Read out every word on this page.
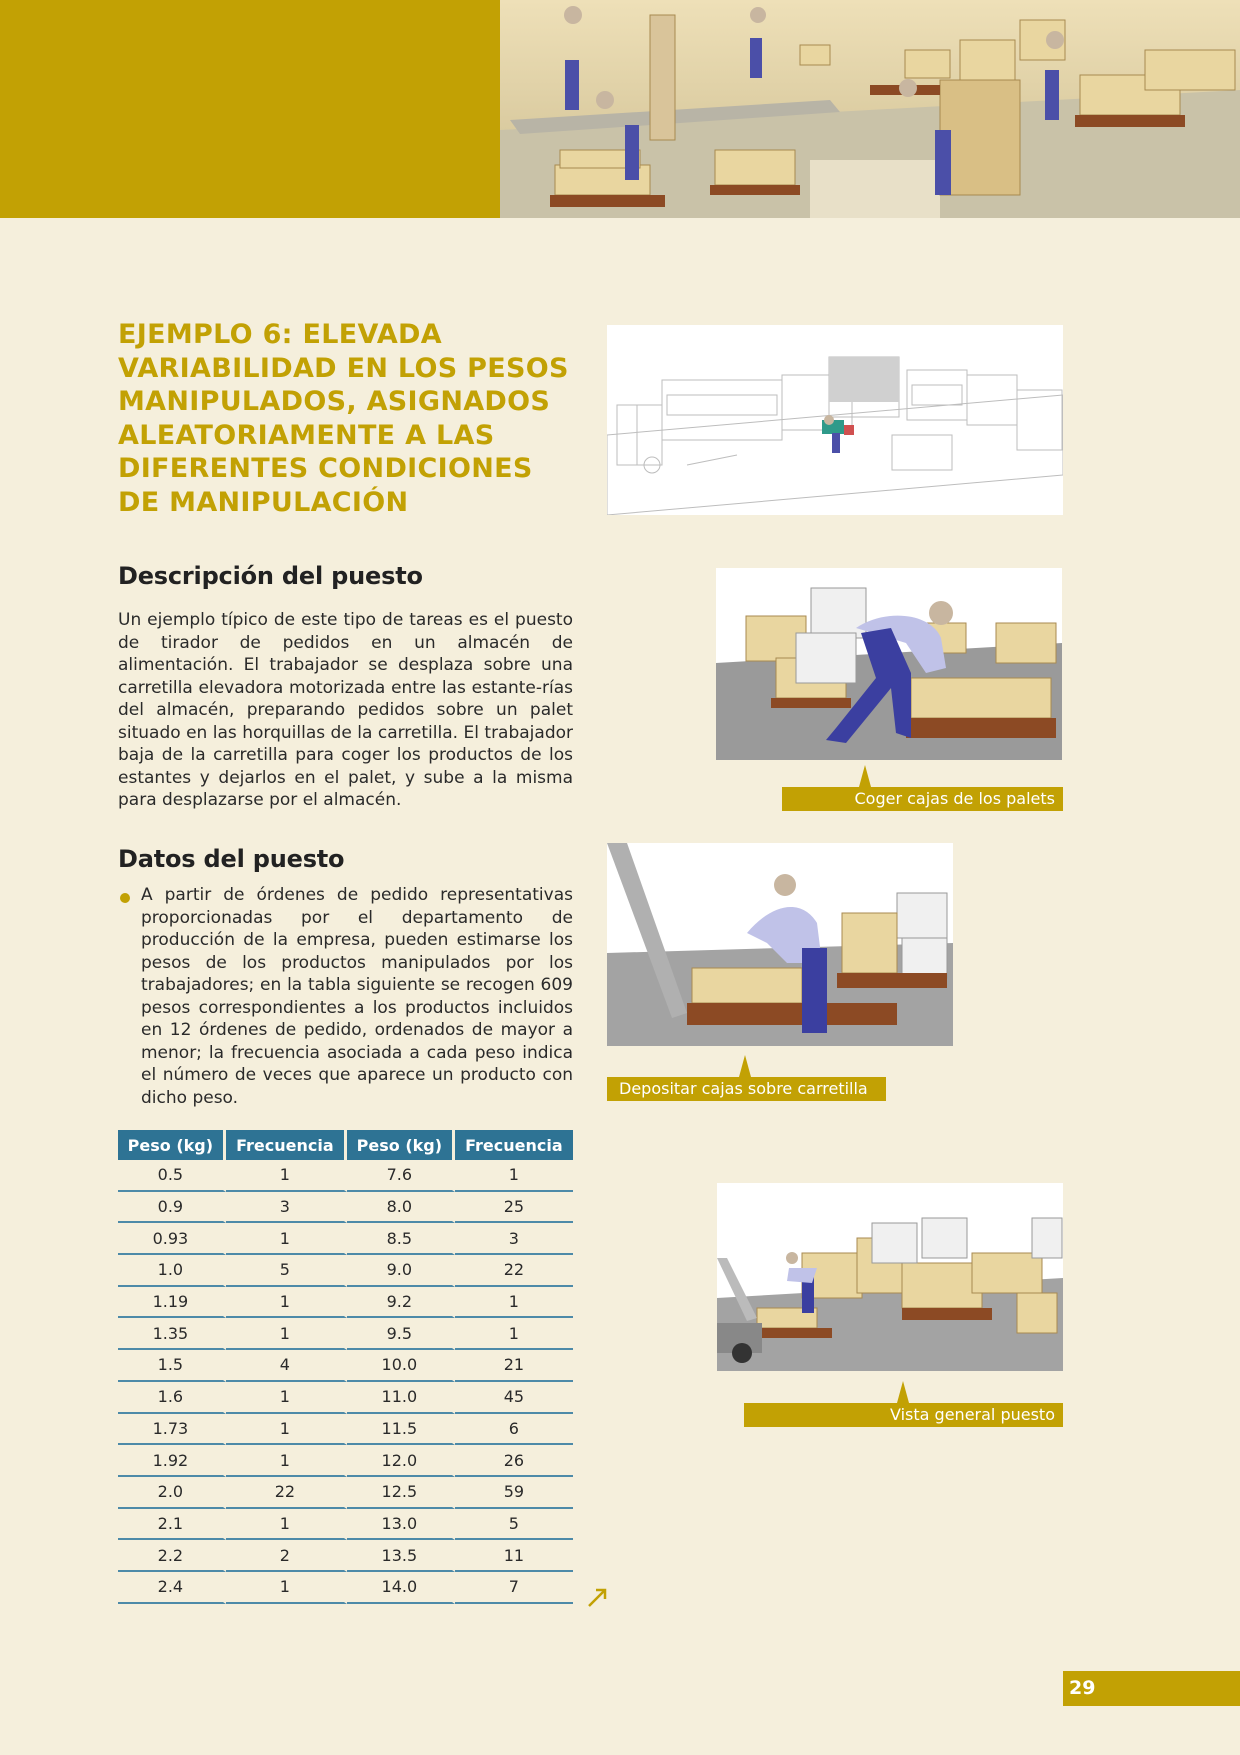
EJEMPLO 6: ELEVADA VARIABILIDAD EN LOS PESOS MANIPULADOS, ASIGNADOS ALEATORIAMENTE A LAS DIFERENTES CONDICIONES DE MANIPULACIÓN
Descripción del puesto

Un ejemplo típico de este tipo de tareas es el puesto de tirador de pedidos en un almacén de alimentación. El trabajador se desplaza sobre una carretilla elevadora motorizada entre las estante-rías del almacén, preparando pedidos sobre un palet situado en las horquillas de la carretilla. El trabajador baja de la carretilla para coger los productos de los estantes y dejarlos en el palet, y sube a la misma para desplazarse por el almacén.

Datos del puesto

A partir de órdenes de pedido representativas proporcionadas por el departamento de producción de la empresa, pueden estimarse los pesos de los productos manipulados por los trabajadores; en la tabla siguiente se recogen 609 pesos correspondientes a los productos incluidos en 12 órdenes de pedido, ordenados de mayor a menor; la frecuencia asociada a cada peso indica el número de veces que aparece un producto con dicho peso.

Peso (kg)	Frecuencia	Peso (kg)	Frecuencia
0.5	1	7.6	1
0.9	3	8.0	25
0.93	1	8.5	3
1.0	5	9.0	22
1.19	1	9.2	1
1.35	1	9.5	1
1.5	4	10.0	21
1.6	1	11.0	45
1.73	1	11.5	6
1.92	1	12.0	26
2.0	22	12.5	59
2.1	1	13.0	5
2.2	2	13.5	11
2.4	1	14.0	7
Coger cajas de los palets
Depositar cajas sobre carretilla
Vista general puesto
29
